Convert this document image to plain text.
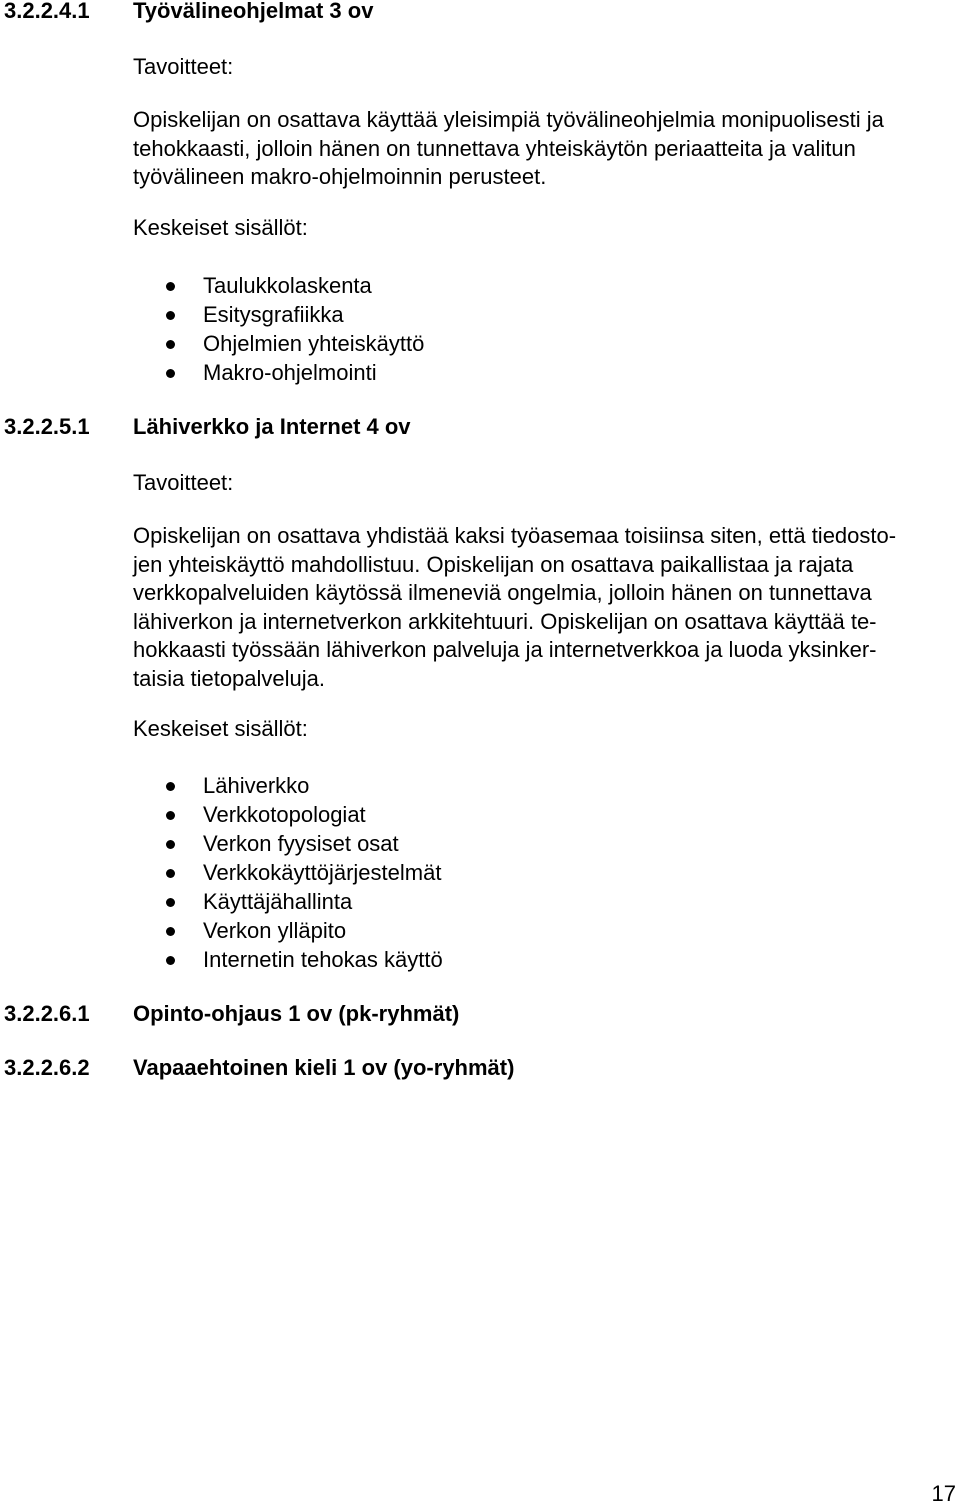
3.2.2.4.1 Työvälineohjelmat 3 ov
Tavoitteet:
Opiskelijan on osattava käyttää yleisimpiä työvälineohjelmia monipuolisesti ja
tehokkaasti, jolloin hänen on tunnettava yhteiskäytön periaatteita ja valitun
työvälineen makro-ohjelmoinnin perusteet.
Keskeiset sisällöt:
Taulukkolaskenta
Esitysgrafiikka
Ohjelmien yhteiskäyttö
Makro-ohjelmointi
3.2.2.5.1 Lähiverkko ja Internet 4 ov
Tavoitteet:
Opiskelijan on osattava yhdistää kaksi työasemaa toisiinsa siten, että tiedosto-
jen yhteiskäyttö mahdollistuu. Opiskelijan on osattava paikallistaa ja rajata
verkkopalveluiden käytössä ilmeneviä ongelmia, jolloin hänen on tunnettava
lähiverkon ja internetverkon arkkitehtuuri. Opiskelijan on osattava käyttää te-
hokkaasti työssään lähiverkon palveluja ja internetverkkoa ja luoda yksinker-
taisia tietopalveluja.
Keskeiset sisällöt:
Lähiverkko
Verkkotopologiat
Verkon fyysiset osat
Verkkokäyttöjärjestelmät
Käyttäjähallinta
Verkon ylläpito
Internetin tehokas käyttö
3.2.2.6.1 Opinto-ohjaus 1 ov (pk-ryhmät)
3.2.2.6.2 Vapaaehtoinen kieli 1 ov (yo-ryhmät)
17
